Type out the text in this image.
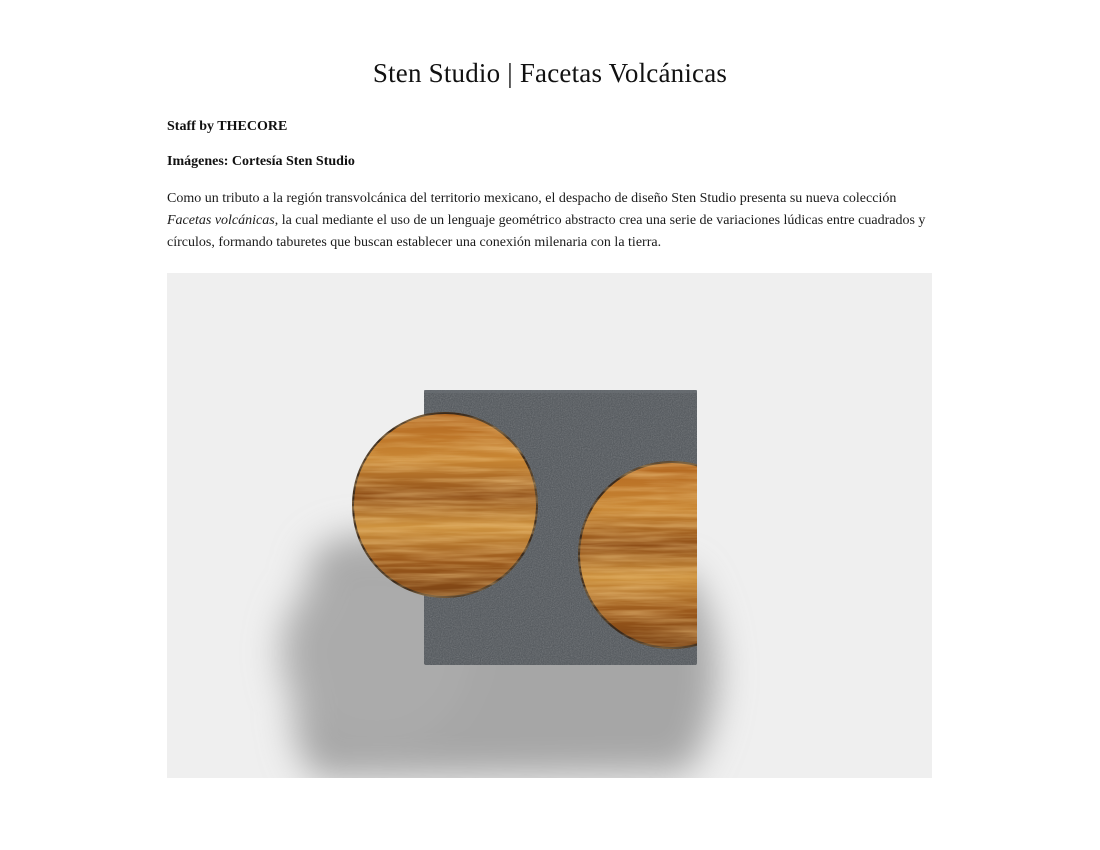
Sten Studio | Facetas Volcánicas

Staff by THECORE

Imágenes: Cortesía Sten Studio

Como un tributo a la región transvolcánica del territorio mexicano, el despacho de diseño Sten Studio presenta su nueva colección Facetas volcánicas, la cual mediante el uso de un lenguaje geométrico abstracto crea una serie de variaciones lúdicas entre cuadrados y círculos, formando taburetes que buscan establecer una conexión milenaria con la tierra.
